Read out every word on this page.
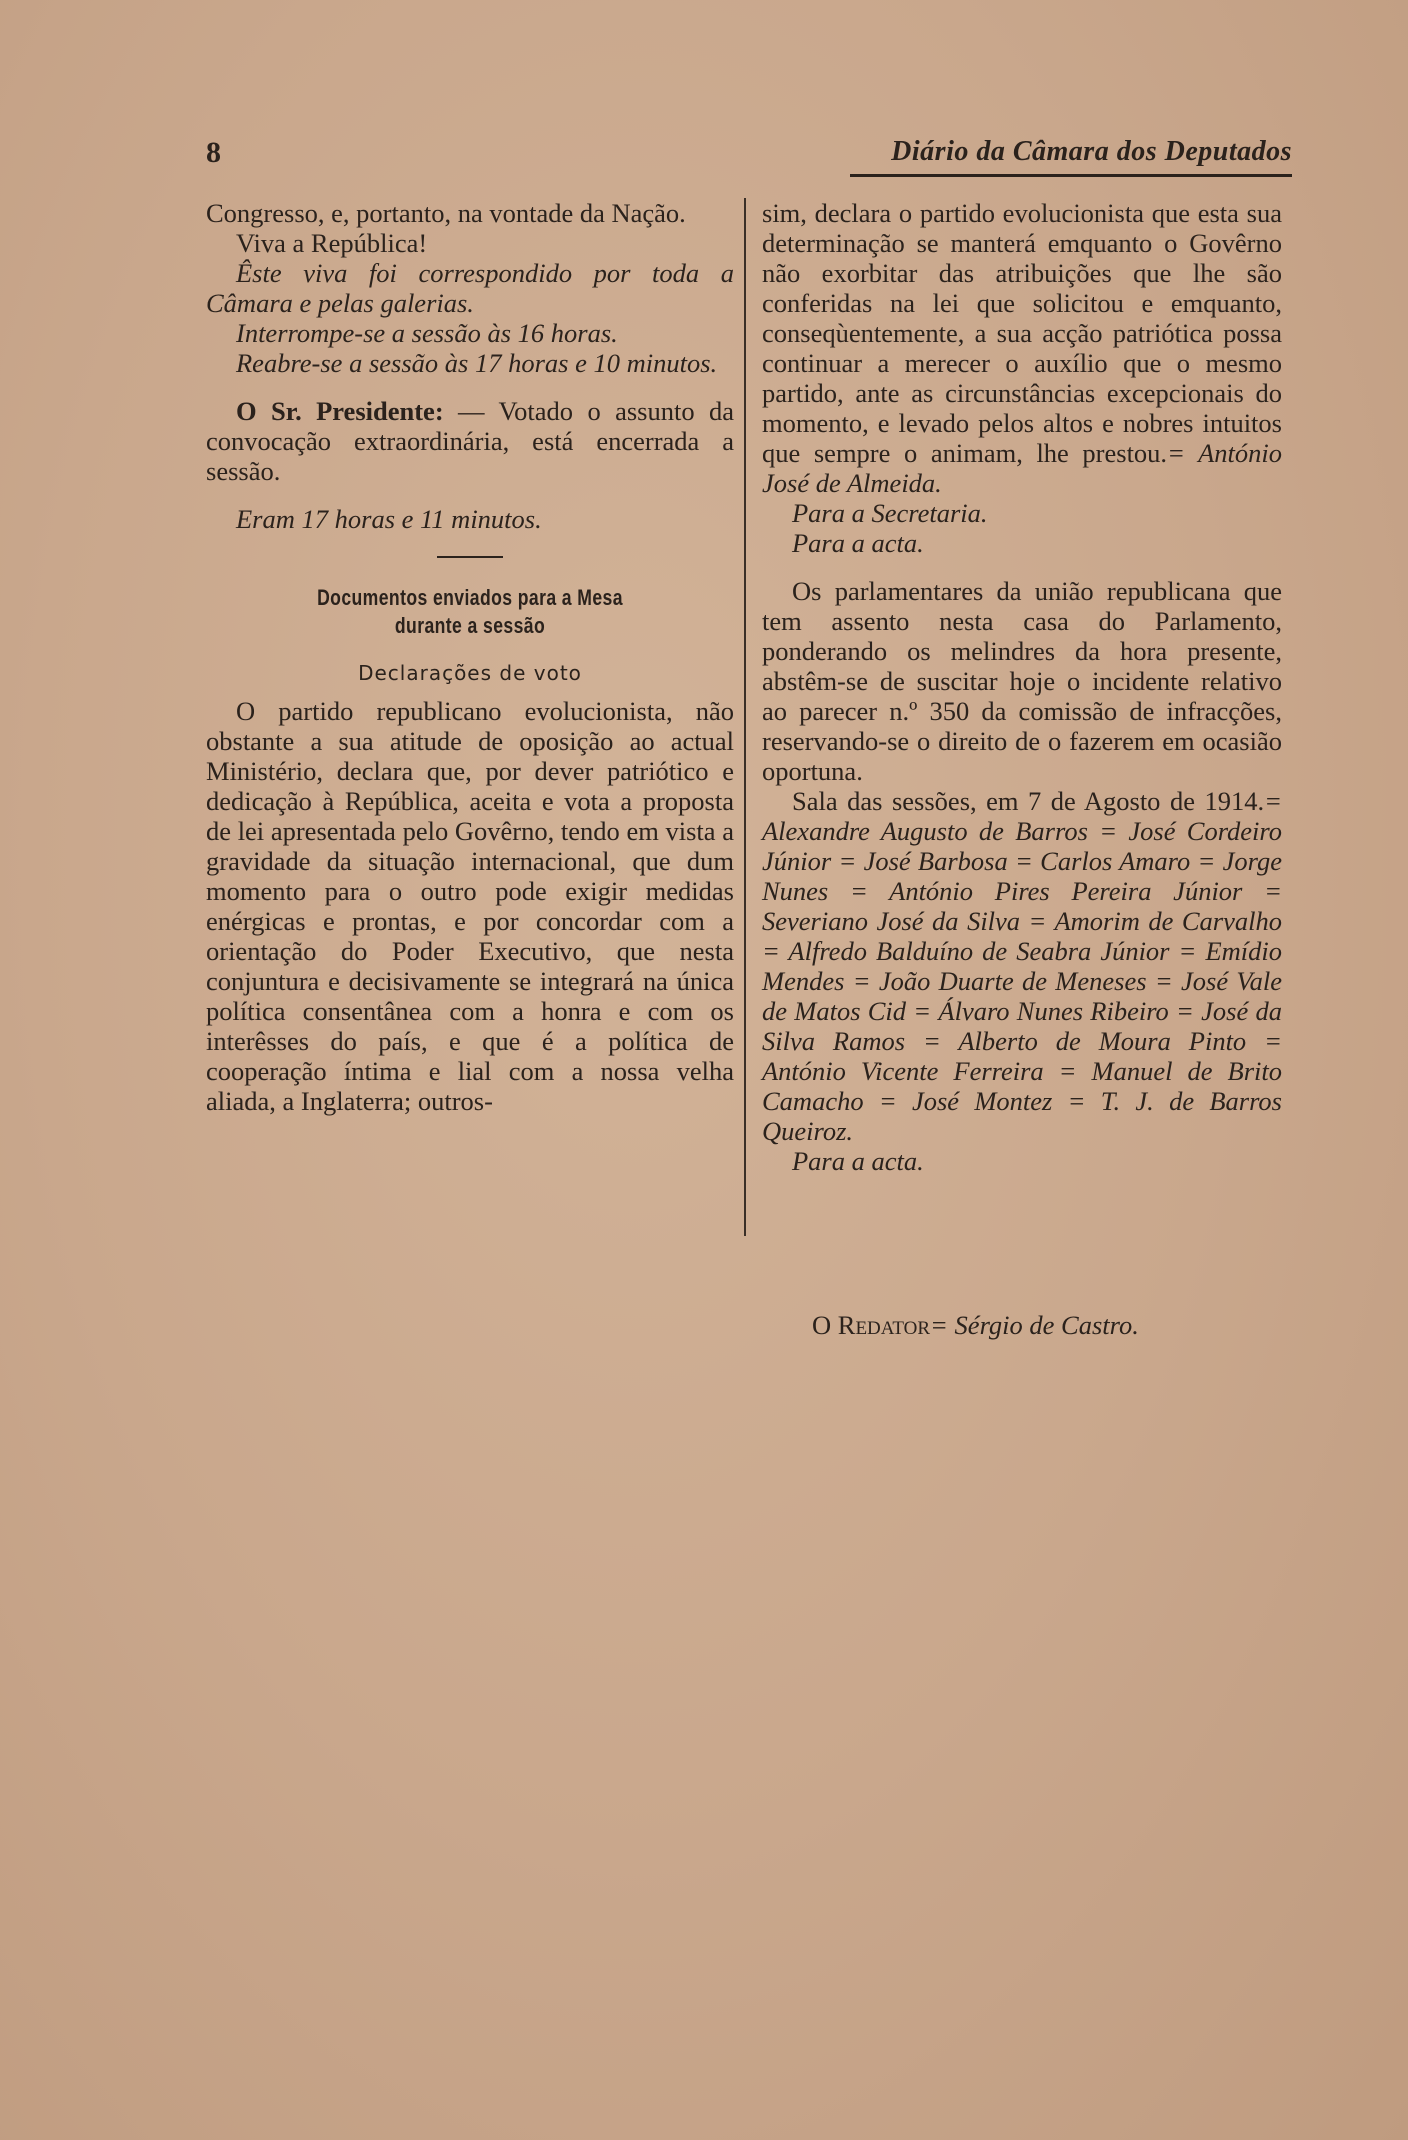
8	Diário da Câmara dos Deputados

Congresso, e, portanto, na vontade da Nação.

Viva a República!

Êste viva foi correspondido por toda a Câmara e pelas galerias.

Interrompe-se a sessão às 16 horas.

Reabre-se a sessão às 17 horas e 10 minutos.

O Sr. Presidente: — Votado o assunto da convocação extraordinária, está encerrada a sessão.

Eram 17 horas e 11 minutos.

Documentos enviados para a Mesa
durante a sessão
Declarações de voto

O partido republicano evolucionista, não obstante a sua atitude de oposição ao actual Ministério, declara que, por dever patriótico e dedicação à República, aceita e vota a proposta de lei apresentada pelo Govêrno, tendo em vista a gravidade da situação internacional, que dum momento para o outro pode exigir medidas enérgicas e prontas, e por concordar com a orientação do Poder Executivo, que nesta conjuntura e decisivamente se integrará na única política consentânea com a honra e com os interêsses do país, e que é a política de cooperação íntima e lial com a nossa velha aliada, a Inglaterra; outros-

sim, declara o partido evolucionista que esta sua determinação se manterá emquanto o Govêrno não exorbitar das atribuições que lhe são conferidas na lei que solicitou e emquanto, conseqùentemente, a sua acção patriótica possa continuar a merecer o auxílio que o mesmo partido, ante as circunstâncias excepcionais do momento, e levado pelos altos e nobres intuitos que sempre o animam, lhe prestou.= António José de Almeida.

Para a Secretaria.

Para a acta.

Os parlamentares da união republicana que tem assento nesta casa do Parlamento, ponderando os melindres da hora presente, abstêm-se de suscitar hoje o incidente relativo ao parecer n.º 350 da comissão de infracções, reservando-se o direito de o fazerem em ocasião oportuna.

Sala das sessões, em 7 de Agosto de 1914.= Alexandre Augusto de Barros = José Cordeiro Júnior = José Barbosa = Carlos Amaro = Jorge Nunes = António Pires Pereira Júnior = Severiano José da Silva = Amorim de Carvalho = Alfredo Balduíno de Seabra Júnior = Emídio Mendes = João Duarte de Meneses = José Vale de Matos Cid = Álvaro Nunes Ribeiro = José da Silva Ramos = Alberto de Moura Pinto = António Vicente Ferreira = Manuel de Brito Camacho = José Montez = T. J. de Barros Queiroz.

Para a acta.

O Redator= Sérgio de Castro.
